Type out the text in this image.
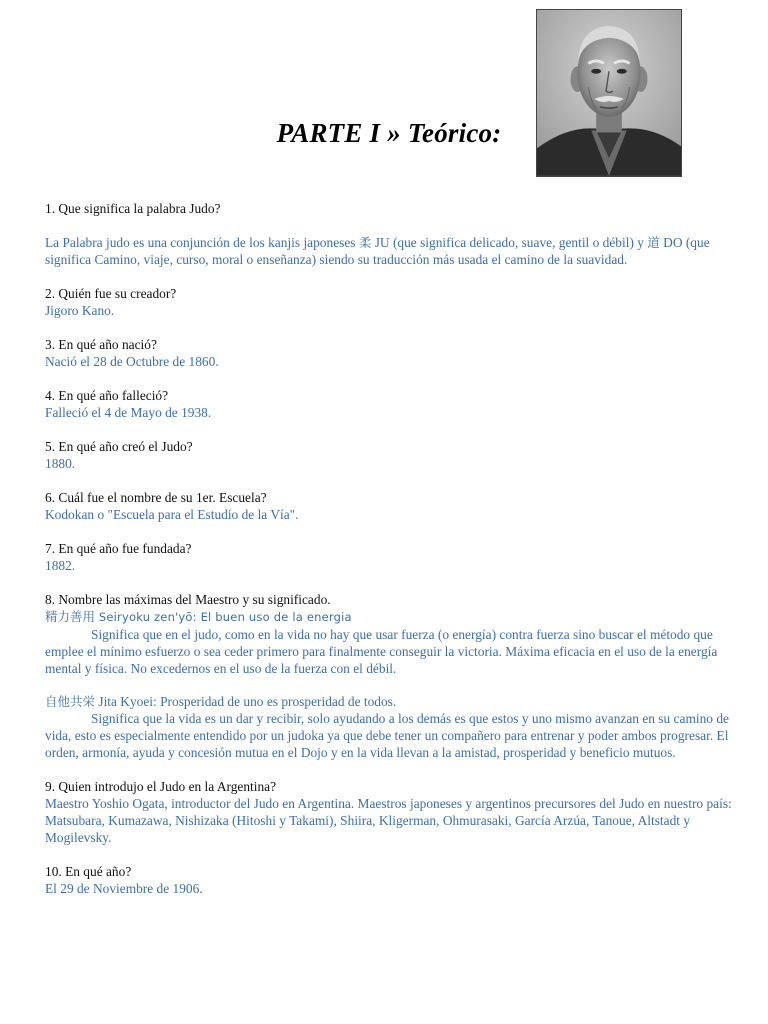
PARTE I » Teórico:

1. Que significa la palabra Judo?

La Palabra judo es una conjunción de los kanjis japoneses 柔 JU (que significa delicado, suave, gentil o débil) y 道 DO (que significa Camino, viaje, curso, moral o enseñanza) siendo su traducción más usada el camino de la suavidad.

2. Quién fue su creador?

Jigoro Kano.

3. En qué año nació?

Nació el 28 de Octubre de 1860.

4. En qué año falleció?

Falleció el 4 de Mayo de 1938.

5. En qué año creó el Judo?

1880.

6. Cuál fue el nombre de su 1er. Escuela?

Kodokan o "Escuela para el Estudio de la Vía".

7. En qué año fue fundada?

1882.

8. Nombre las máximas del Maestro y su significado.

精力善用 Seiryoku zen'yō: El buen uso de la energia

Significa que en el judo, como en la vida no hay que usar fuerza (o energía) contra fuerza sino buscar el método que emplee el mínimo esfuerzo o sea ceder primero para finalmente conseguir la victoria. Máxima eficacia en el uso de la energía mental y física. No excedernos en el uso de la fuerza con el débil.

自他共栄 Jita Kyoei: Prosperidad de uno es prosperidad de todos.

Significa que la vida es un dar y recibir, solo ayudando a los demás es que estos y uno mismo avanzan en su camino de vida, esto es especialmente entendido por un judoka ya que debe tener un compañero para entrenar y poder ambos progresar. El orden, armonía, ayuda y concesión mutua en el Dojo y en la vida llevan a la amistad, prosperidad y beneficio mutuos.

9. Quien introdujo el Judo en la Argentina?

Maestro Yoshio Ogata, introductor del Judo en Argentina. Maestros japoneses y argentinos precursores del Judo en nuestro país: Matsubara, Kumazawa, Nishizaka (Hitoshi y Takami), Shiira, Kligerman, Ohmurasaki, García Arzúa, Tanoue, Altstadt y Mogilevsky.

10. En qué año?

El 29 de Noviembre de 1906.
